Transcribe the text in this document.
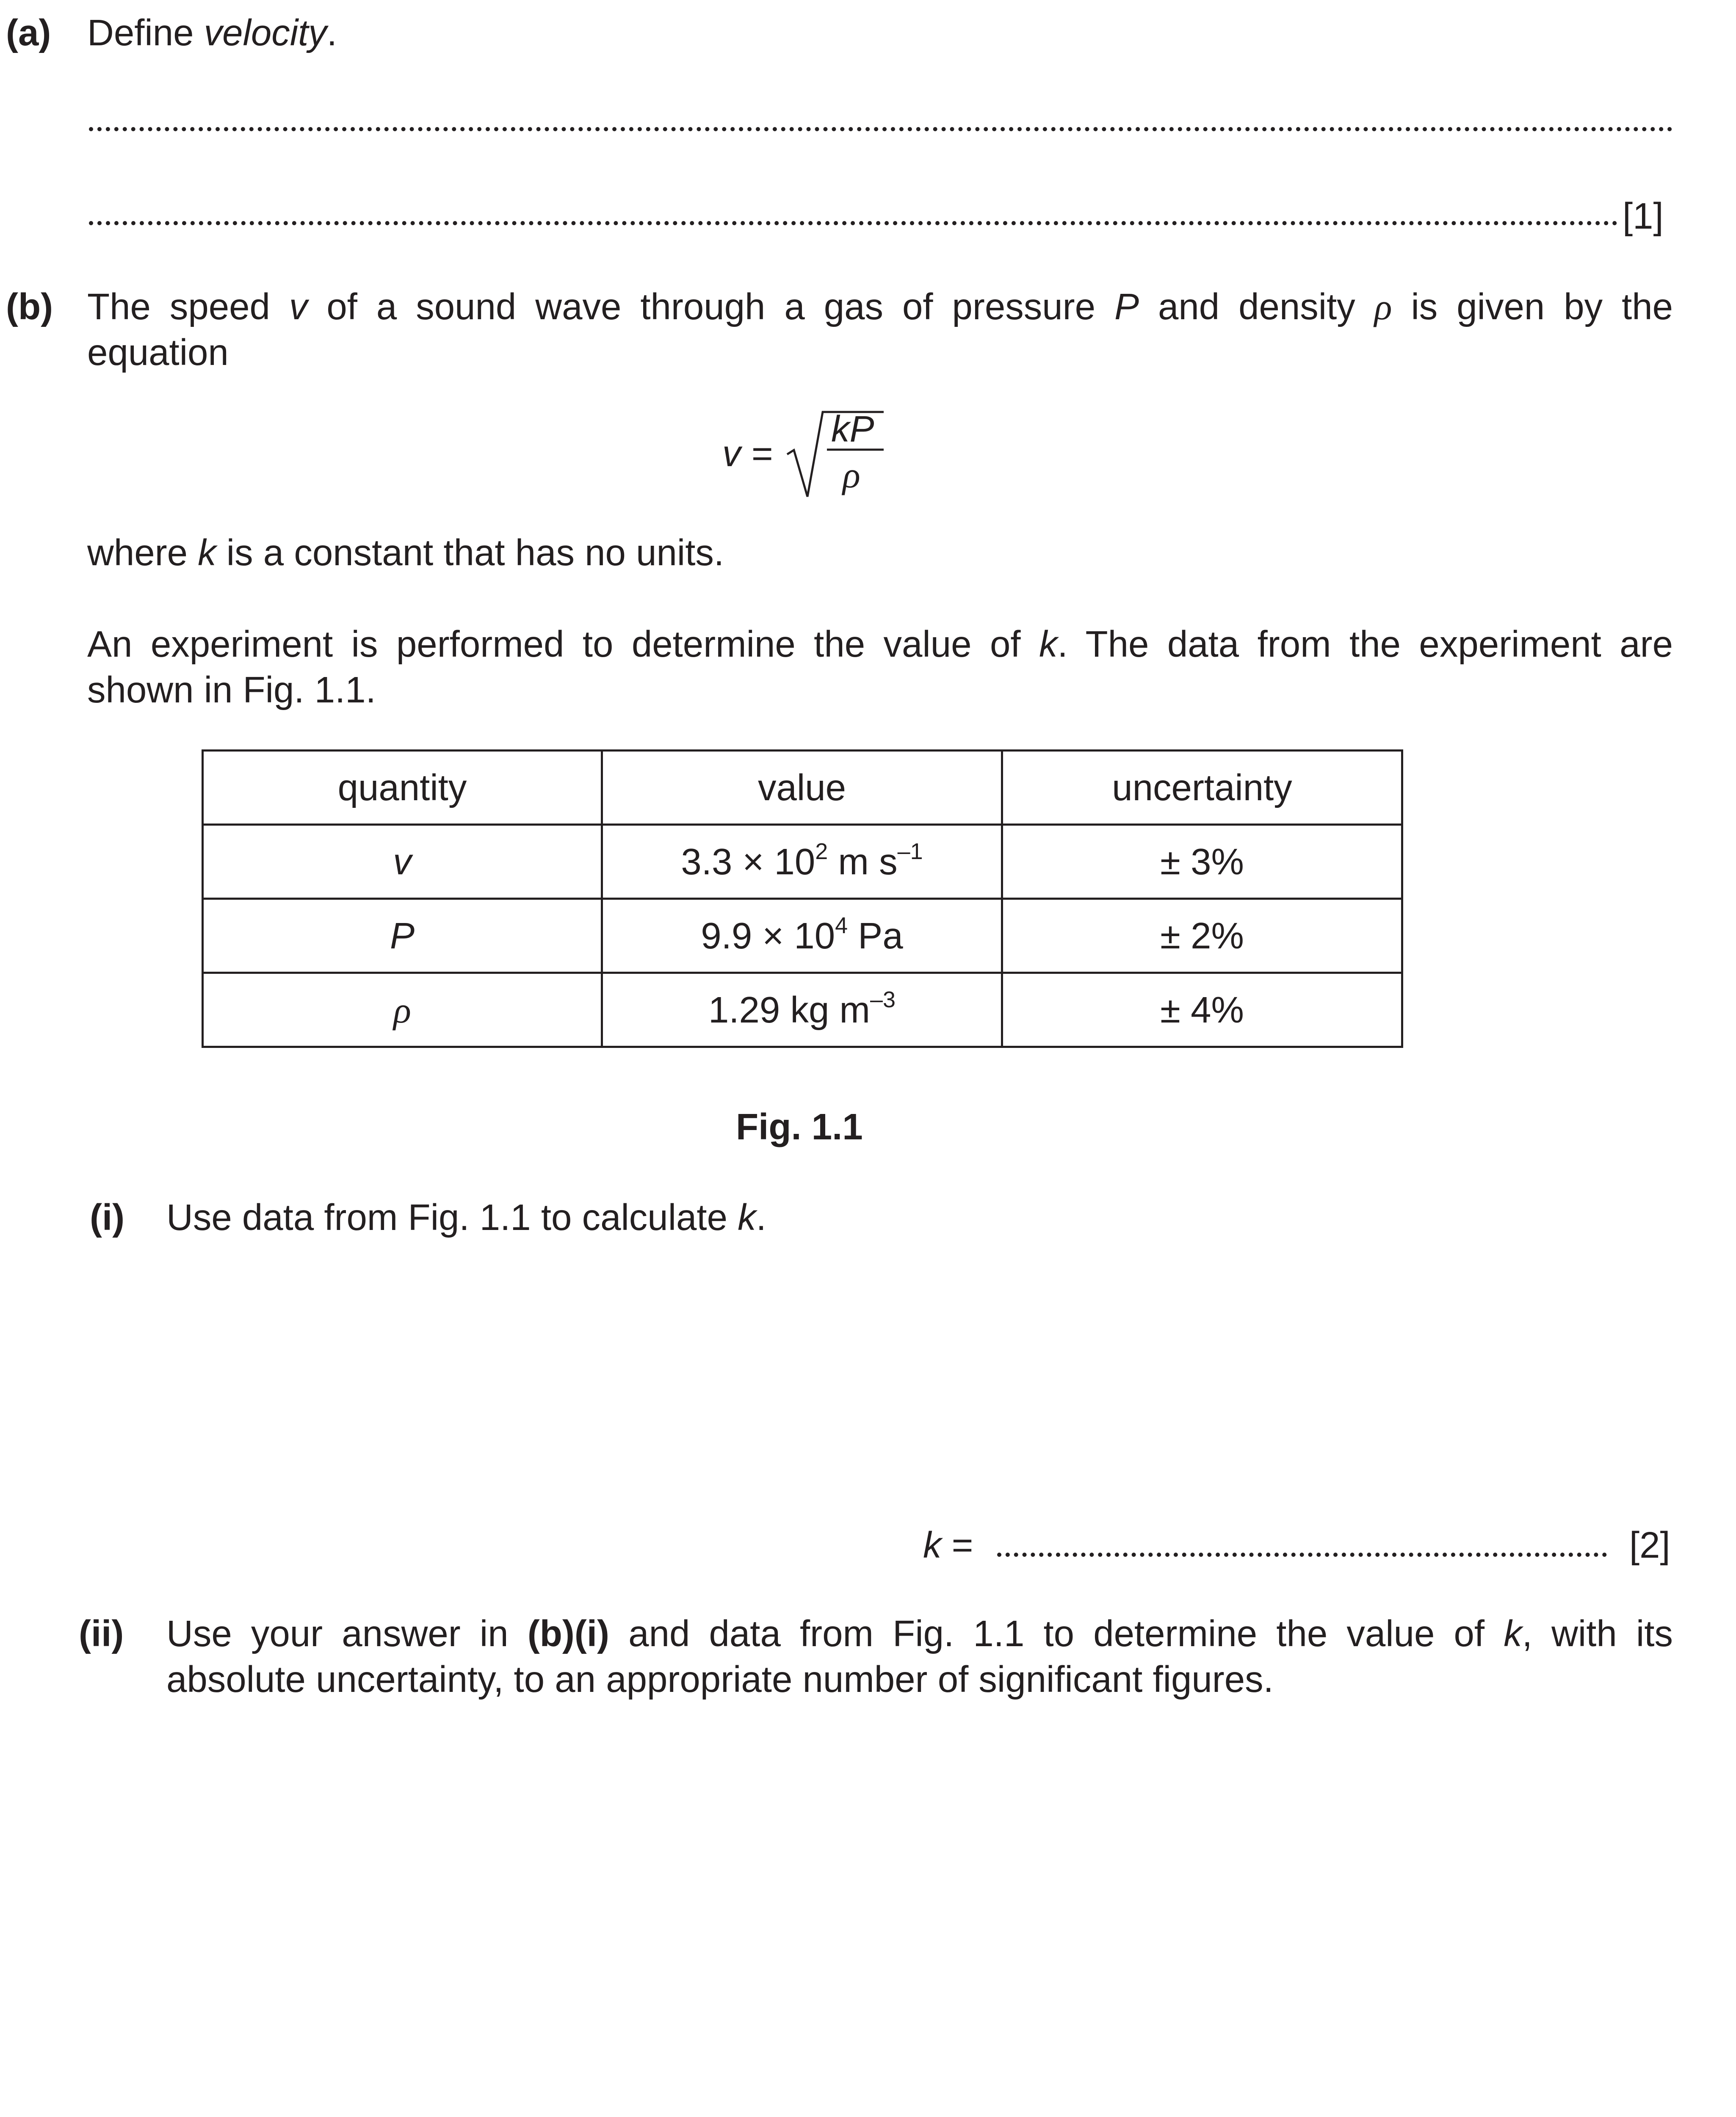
(a) Define velocity.
[1]
(b) The speed v of a sound wave through a gas of pressure P and density ρ is given by the
equation
v =
kP
ρ
where k is a constant that has no units.
An experiment is performed to determine the value of k. The data from the experiment are
shown in Fig. 1.1.
quantity	value	uncertainty
v	$3.3 \times 10^2$ m $s^{-1}$	± 3%
P	$9.9 \times 10^4$ Pa	± 2%
ρ	1.29 kg $m^{-3}$	± 4%
Fig. 1.1
(i) Use data from Fig. 1.1 to calculate k.
k =	[2]
(ii) Use your answer in (b)(i) and data from Fig. 1.1 to determine the value of k, with its
absolute uncertainty, to an appropriate number of significant figures.
